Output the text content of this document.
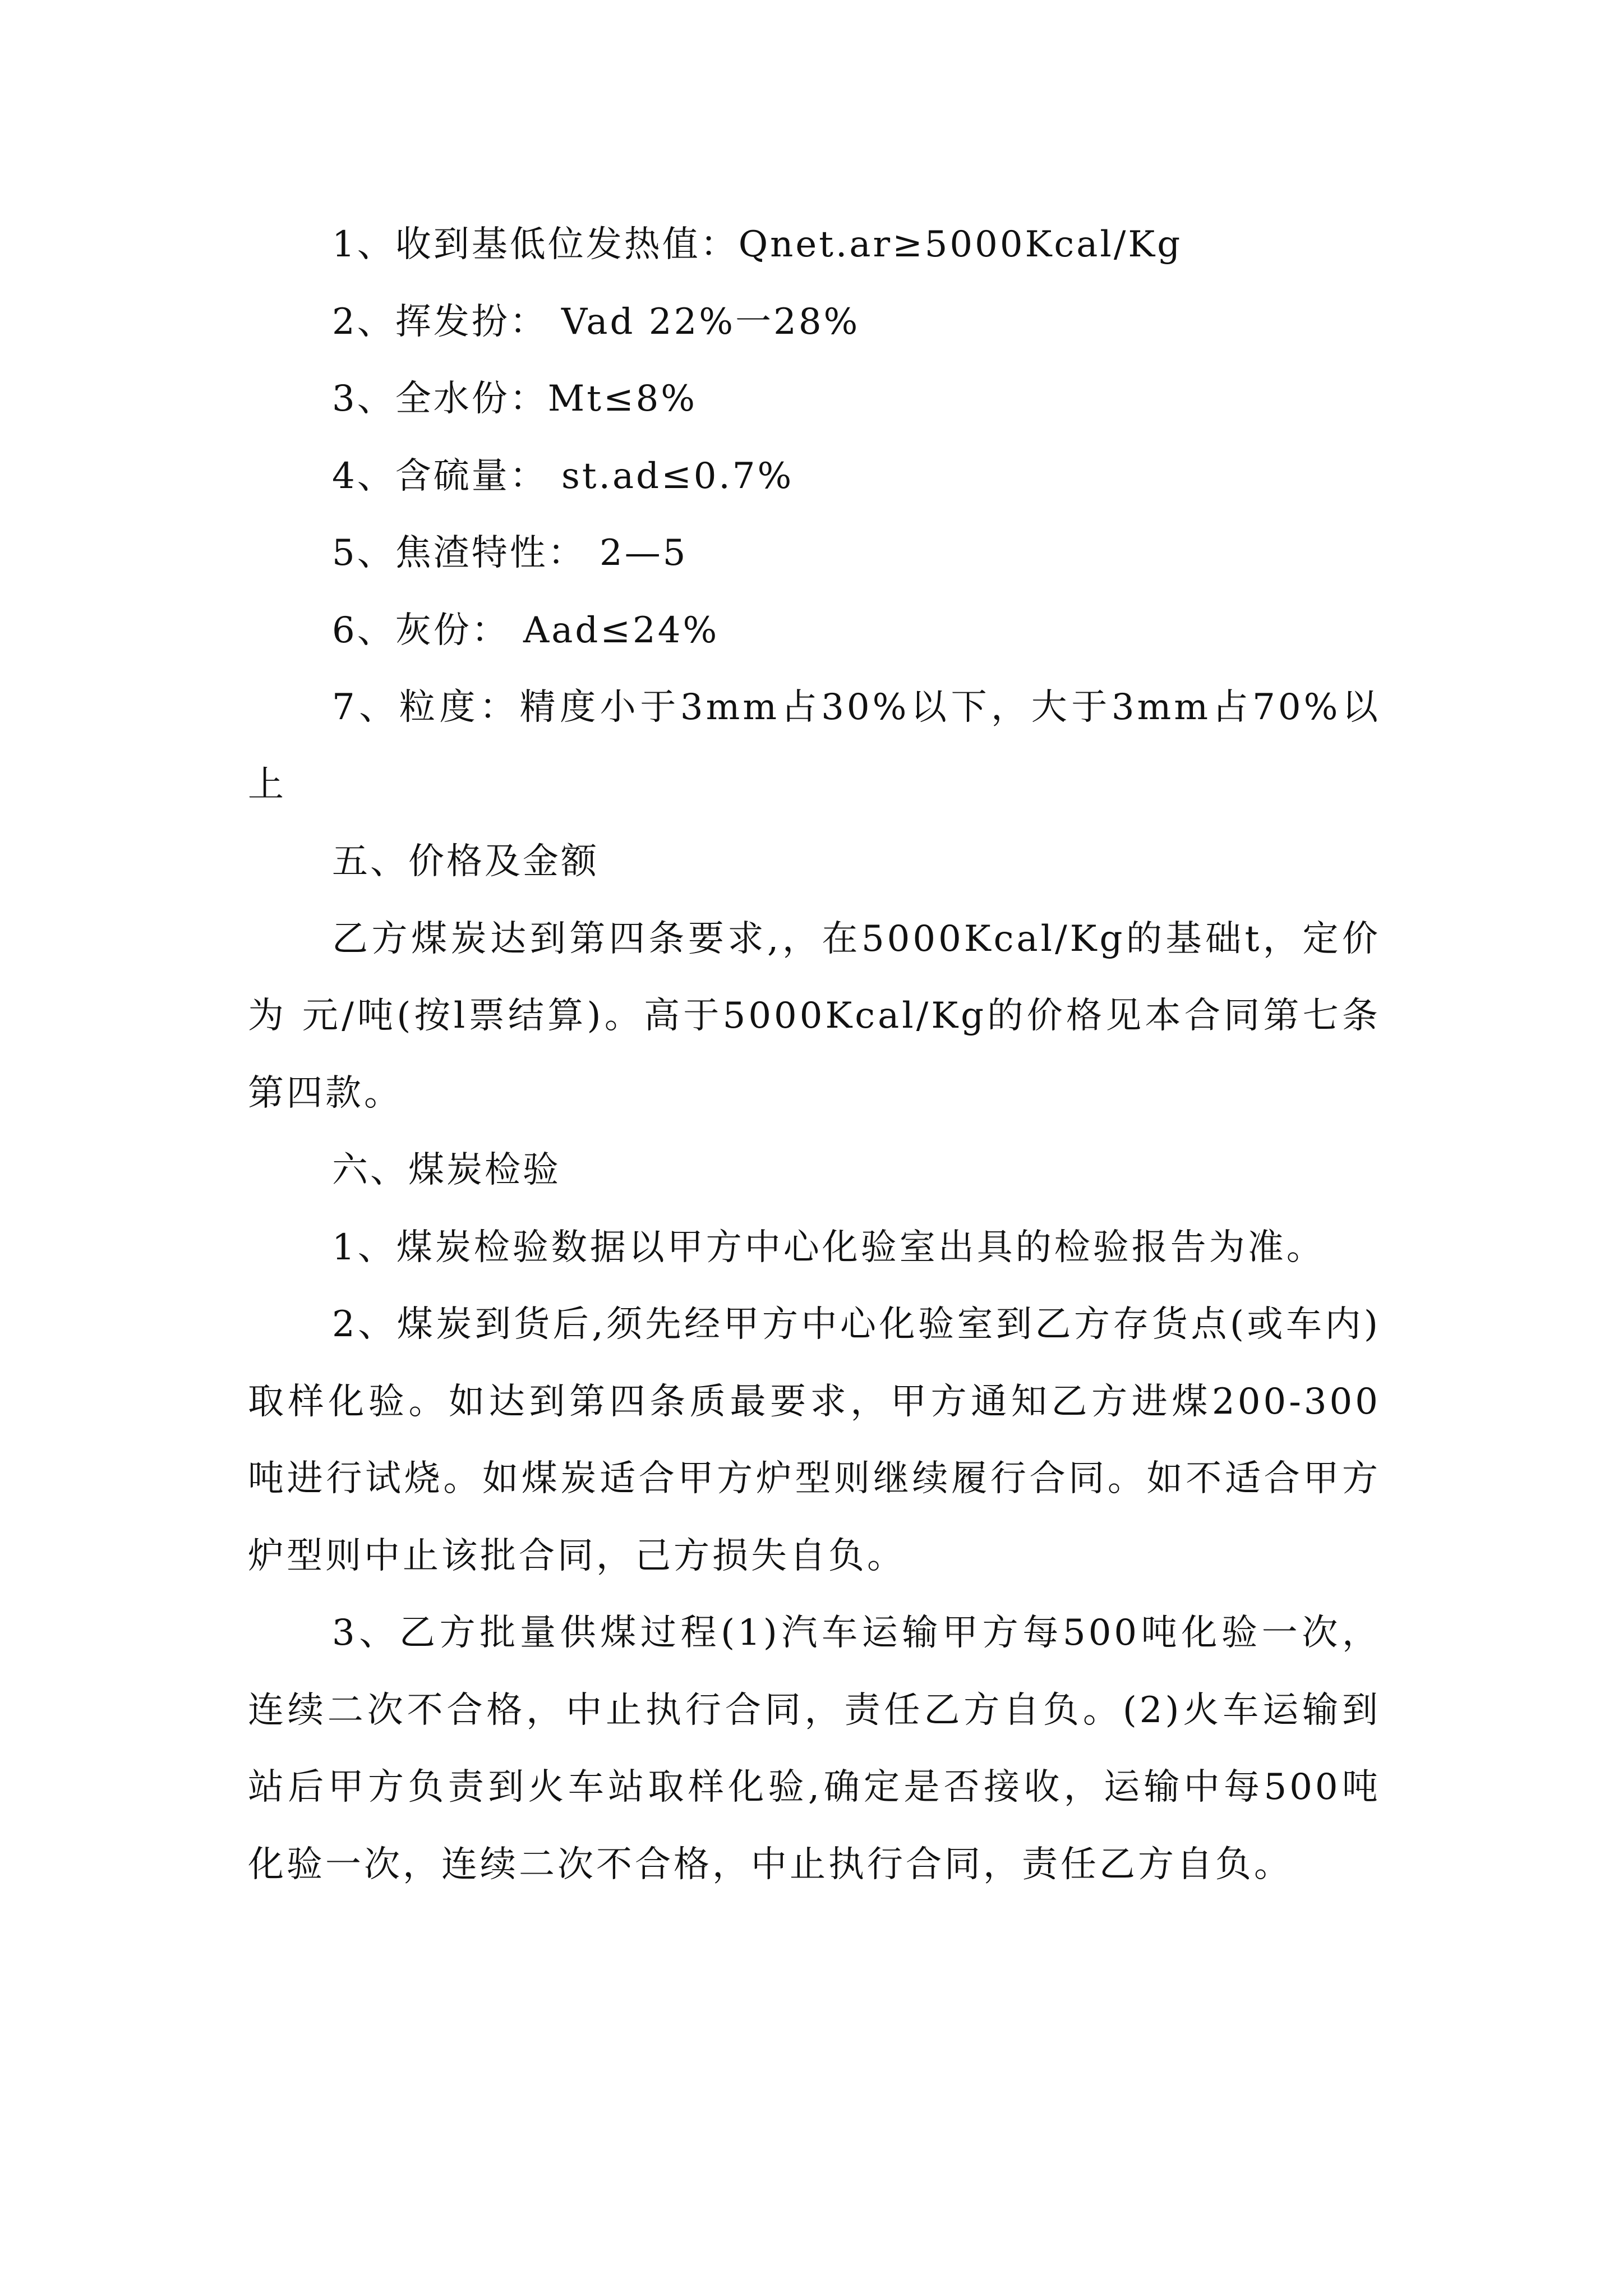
1、收到基低位发热值：Qnet.ar≥5000Kcal/Kg
2、挥发扮： Vad 22%一28%
3、全水份：Mt≤8%
4、含硫量： st.ad≤0.7%
5、焦渣特性： 2—5
6、灰份： Aad≤24%

7、粒度：精度小于3mm占30%以下，大于3mm占70%以上

五、价格及金额

乙方煤炭达到第四条要求,，在5000Kcal/Kg的基础t，定价为 元/吨(按l票结算)。高于5000Kcal/Kg的价格见本合同第七条第四款。

六、煤炭检验

1、煤炭检验数据以甲方中心化验室出具的检验报告为准。

2、煤炭到货后,须先经甲方中心化验室到乙方存货点(或车内)取样化验。如达到第四条质最要求，甲方通知乙方进煤200-300吨进行试烧。如煤炭适合甲方炉型则继续履行合同。如不适合甲方炉型则中止该批合同，己方损失自负。

3、乙方批量供煤过程(1)汽车运输甲方每500吨化验一次，连续二次不合格，中止执行合同，责任乙方自负。(2)火车运输到站后甲方负责到火车站取样化验,确定是否接收，运输中每500吨化验一次，连续二次不合格，中止执行合同，责任乙方自负。
